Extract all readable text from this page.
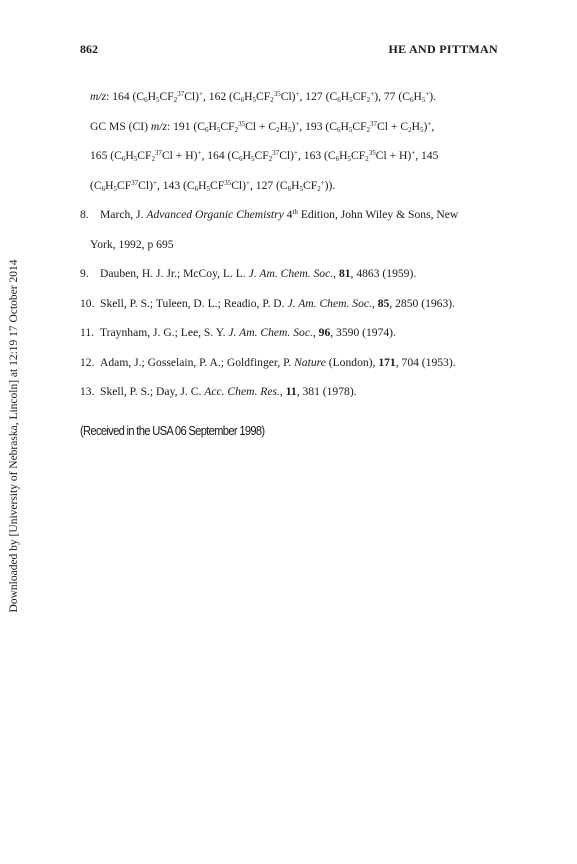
862	HE AND PITTMAN
m/z: 164 $(C_6H_5CF_2^{37}Cl)^+$, 162 $(C_6H_5CF_2^{35}Cl)^+$, 127 $(C_6H_5CF_2^+)$, 77 $(C_6H_5^+)$.
GC MS (CI) m/z: 191 $(C_6H_5CF_2^{35}Cl + C_2H_5)^+$, 193 $(C_6H_5CF_2^{37}Cl + C_2H_5)^+$,
165 $(C_6H_5CF_2^{37}Cl + H)^+$, 164 $(C_6H_5CF_2^{37}Cl)^+$, 163 $(C_6H_5CF_2^{35}Cl + H)^+$, 145
$(C_6H_5CF^{37}Cl)^+$, 143 $(C_6H_5CF^{35}Cl)^+$, 127 $(C_6H_5CF_2^+)$).
8. March, J. Advanced Organic Chemistry 4th Edition, John Wiley & Sons, New
York, 1992, p 695
9. Dauben, H. J. Jr.; McCoy, L. L. J. Am. Chem. Soc., 81, 4863 (1959).
10. Skell, P. S.; Tuleen, D. L.; Readio, P. D. J. Am. Chem. Soc., 85, 2850 (1963).
11. Traynham, J. G.; Lee, S. Y. J. Am. Chem. Soc., 96, 3590 (1974).
12. Adam, J.; Gosselain, P. A.; Goldfinger, P. Nature (London), 171, 704 (1953).
13. Skell, P. S.; Day, J. C. Acc. Chem. Res., 11, 381 (1978).
(Received in the USA 06 September 1998)
Downloaded by [University of Nebraska, Lincoln] at 12:19 17 October 2014
